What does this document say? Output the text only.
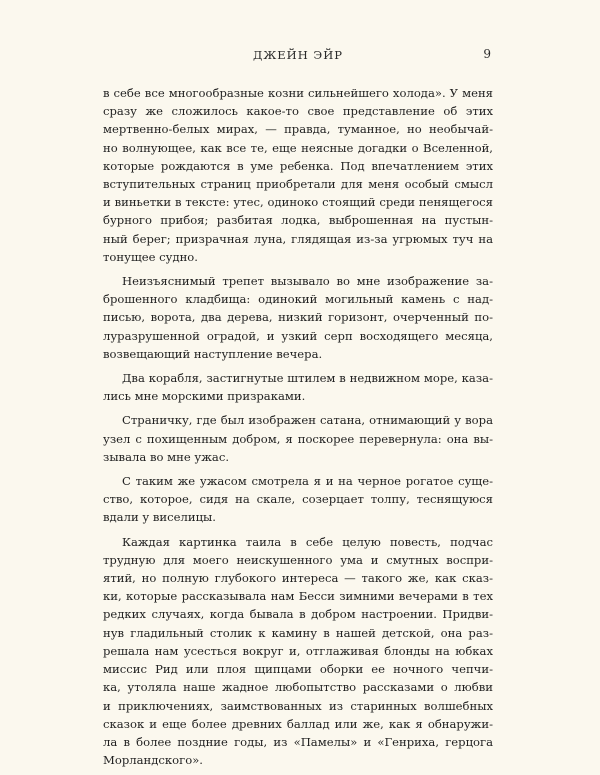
ДЖЕЙН ЭЙР	9
в себе все многообразные козни сильнейшего холода». У меня
сразу же сложилось какое-то свое представление об этих
мертвенно-белых мирах, — правда, туманное, но необычай-
но волнующее, как все те, еще неясные догадки о Вселенной,
которые рождаются в уме ребенка. Под впечатлением этих
вступительных страниц приобретали для меня особый смысл
и виньетки в тексте: утес, одиноко стоящий среди пенящегося
бурного прибоя; разбитая лодка, выброшенная на пустын-
ный берег; призрачная луна, глядящая из-за угрюмых туч на
тонущее судно.
Неизъяснимый трепет вызывало во мне изображение за-
брошенного кладбища: одинокий могильный камень с над-
писью, ворота, два дерева, низкий горизонт, очерченный по-
луразрушенной оградой, и узкий серп восходящего месяца,
возвещающий наступление вечера.
Два корабля, застигнутые штилем в недвижном море, каза-
лись мне морскими призраками.
Страничку, где был изображен сатана, отнимающий у вора
узел с похищенным добром, я поскорее перевернула: она вы-
зывала во мне ужас.
С таким же ужасом смотрела я и на черное рогатое суще-
ство, которое, сидя на скале, созерцает толпу, теснящуюся
вдали у виселицы.
Каждая картинка таила в себе целую повесть, подчас
трудную для моего неискушенного ума и смутных воспри-
ятий, но полную глубокого интереса — такого же, как сказ-
ки, которые рассказывала нам Бесси зимними вечерами в тех
редких случаях, когда бывала в добром настроении. Придви-
нув гладильный столик к камину в нашей детской, она раз-
решала нам усесться вокруг и, отглаживая блонды на юбках
миссис Рид или плоя щипцами оборки ее ночного чепчи-
ка, утоляла наше жадное любопытство рассказами о любви
и приключениях, заимствованных из старинных волшебных
сказок и еще более древних баллад или же, как я обнаружи-
ла в более поздние годы, из «Памелы» и «Генриха, герцога
Морландского».
